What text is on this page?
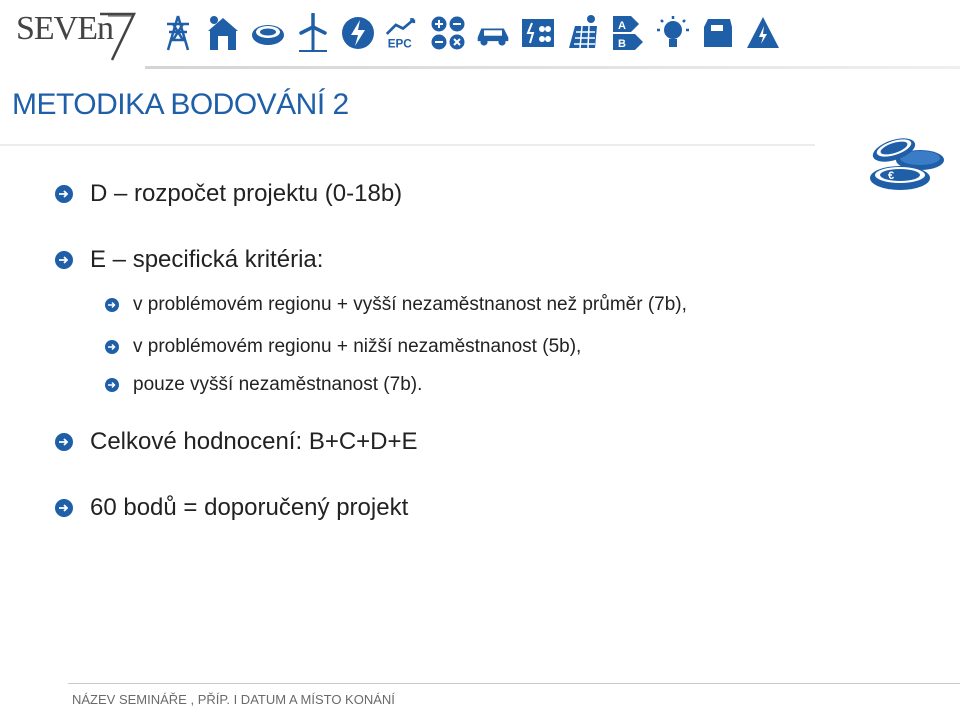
SEVEn	EPC
A
B
METODIKA BODOVÁNÍ 2
€
D – rozpočet projektu (0-18b)
E – specifická kritéria:
v problémovém regionu + vyšší nezaměstnanost než průměr (7b),
v problémovém regionu + nižší nezaměstnanost (5b),
pouze vyšší nezaměstnanost (7b).
Celkové hodnocení: B+C+D+E
60 bodů = doporučený projekt
NÁZEV SEMINÁŘE , PŘÍP. I DATUM A MÍSTO KONÁNÍ
